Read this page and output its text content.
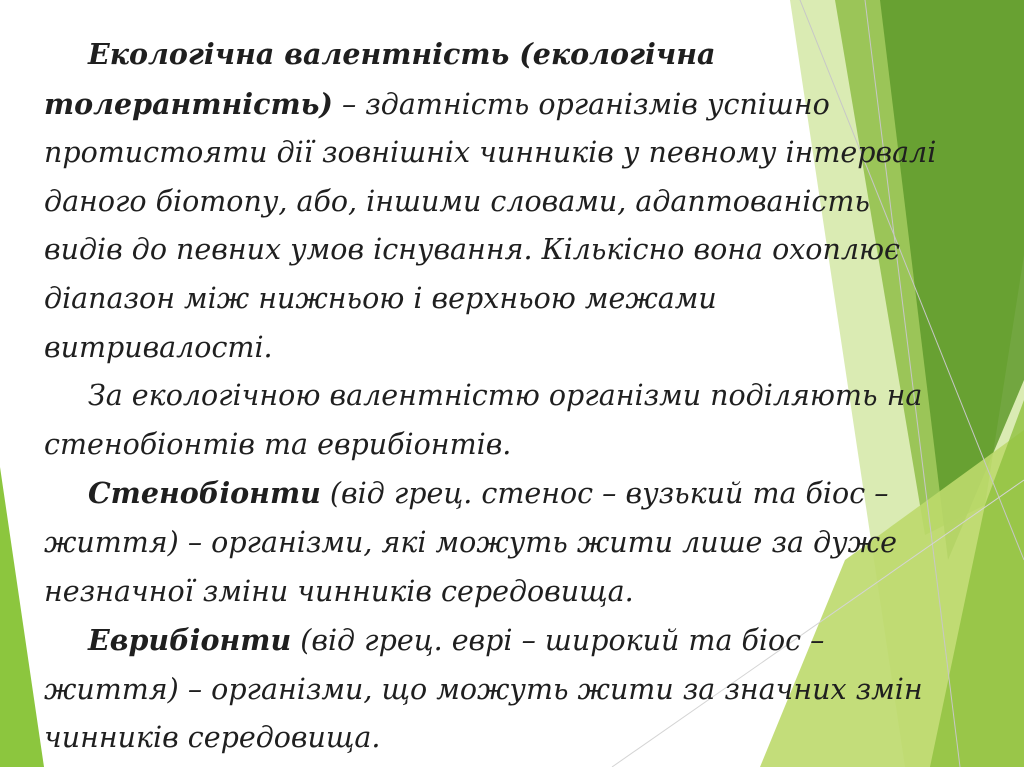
Екологічна валентність (екологічна толерантність) – здатність організмів успішно протистояти дії зовнішніх чинників у певному інтервалі даного біотопу, або, іншими словами, адаптованість видів до певних умов існування. Кількісно вона охоплює діапазон між нижньою і верхньою межами витривалості.

За екологічною валентністю організми поділяють на стенобіонтів та еврибіонтів.

Стенобіонти (від грец. стенос – вузький та біос – життя) – організми, які можуть жити лише за дуже незначної зміни чинників середовища.

Еврибіонти (від грец. еврі – широкий та біос – життя) – організми, що можуть жити за значних змін чинників середовища.
